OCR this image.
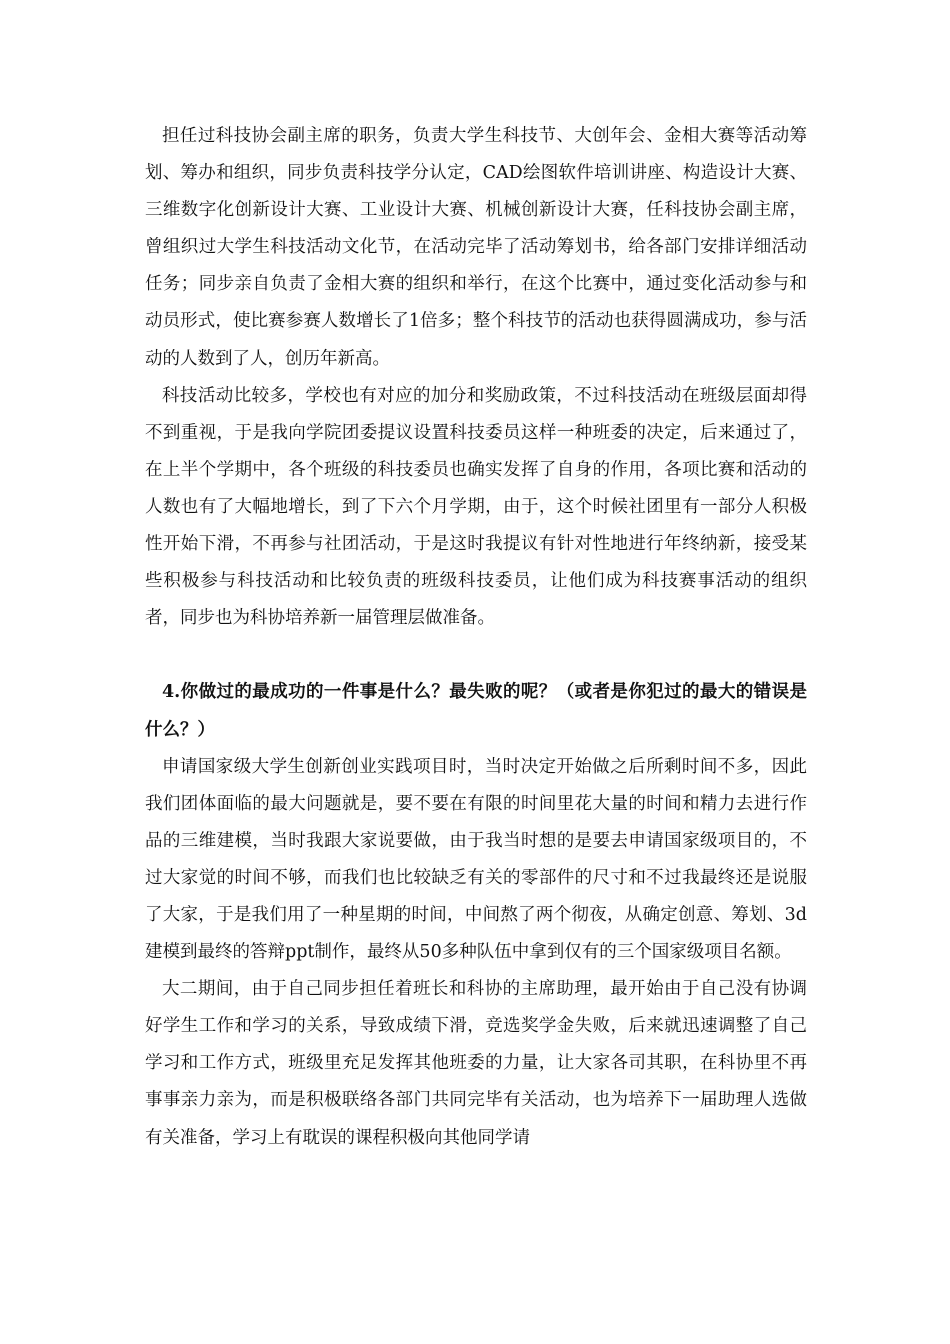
担任过科技协会副主席的职务，负责大学生科技节、大创年会、金相大赛等活动筹划、筹办和组织，同步负责科技学分认定，CAD绘图软件培训讲座、构造设计大赛、三维数字化创新设计大赛、工业设计大赛、机械创新设计大赛，任科技协会副主席，曾组织过大学生科技活动文化节，在活动完毕了活动筹划书，给各部门安排详细活动任务；同步亲自负责了金相大赛的组织和举行，在这个比赛中，通过变化活动参与和动员形式，使比赛参赛人数增长了1倍多；整个科技节的活动也获得圆满成功，参与活动的人数到了人，创历年新高。

科技活动比较多，学校也有对应的加分和奖励政策，不过科技活动在班级层面却得不到重视，于是我向学院团委提议设置科技委员这样一种班委的决定，后来通过了，在上半个学期中，各个班级的科技委员也确实发挥了自身的作用，各项比赛和活动的人数也有了大幅地增长，到了下六个月学期，由于，这个时候社团里有一部分人积极性开始下滑，不再参与社团活动，于是这时我提议有针对性地进行年终纳新，接受某些积极参与科技活动和比较负责的班级科技委员，让他们成为科技赛事活动的组织者，同步也为科协培养新一届管理层做准备。

4.你做过的最成功的一件事是什么？最失败的呢？（或者是你犯过的最大的错误是什么？）

申请国家级大学生创新创业实践项目时，当时决定开始做之后所剩时间不多，因此我们团体面临的最大问题就是，要不要在有限的时间里花大量的时间和精力去进行作品的三维建模，当时我跟大家说要做，由于我当时想的是要去申请国家级项目的，不过大家觉的时间不够，而我们也比较缺乏有关的零部件的尺寸和不过我最终还是说服了大家，于是我们用了一种星期的时间，中间熬了两个彻夜，从确定创意、筹划、3d建模到最终的答辩ppt制作，最终从50多种队伍中拿到仅有的三个国家级项目名额。

大二期间，由于自己同步担任着班长和科协的主席助理，最开始由于自己没有协调好学生工作和学习的关系，导致成绩下滑，竞选奖学金失败，后来就迅速调整了自己学习和工作方式，班级里充足发挥其他班委的力量，让大家各司其职，在科协里不再事事亲力亲为，而是积极联络各部门共同完毕有关活动，也为培养下一届助理人选做有关准备，学习上有耽误的课程积极向其他同学请
